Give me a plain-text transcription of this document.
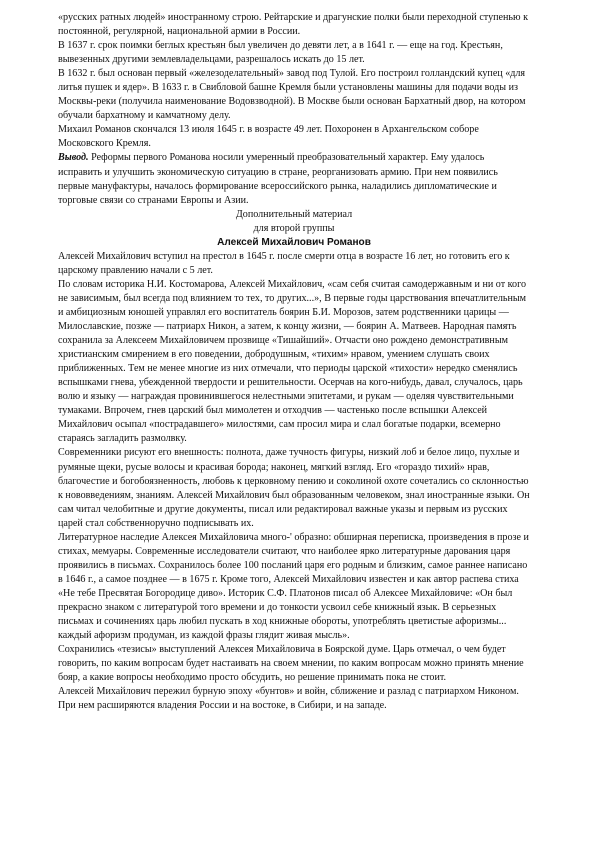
«русских ратных людей» иностранному строю. Рейтарские и драгунские полки были переходной ступенью к постоянной, регулярной, национальной армии в России.

В 1637 г. срок поимки беглых крестьян был увеличен до девяти лет, а в 1641 г. — еще на год. Крестьян, вывезенных другими землевладельцами, разрешалось искать до 15 лет.

В 1632 г. был основан первый «железоделательный» завод под Тулой. Его построил голландский купец «для литья пушек и ядер». В 1633 г. в Свибловой башне Кремля были установлены машины для подачи воды из Москвы-реки (получила наименование Водовзводной). В Москве были основан Бархатный двор, на котором обучали бархатному и камчатному делу.

Михаил Романов скончался 13 июля 1645 г. в возрасте 49 лет. Похоронен в Архангельском соборе Московского Кремля.

Вывод. Реформы первого Романова носили умеренный преобразовательный характер. Ему удалось исправить и улучшить экономическую ситуацию в стране, реорганизовать армию. При нем появились первые мануфактуры, началось формирование всероссийского рынка, наладились дипломатические и торговые связи со странами Европы и Азии.

Дополнительный материал

для второй группы

Алексей Михайлович Романов

Алексей Михайлович вступил на престол в 1645 г. после смерти отца в возрасте 16 лет, но готовить его к царскому правлению начали с 5 лет.

По словам историка Н.И. Костомарова, Алексей Михайлович, «сам себя считая самодержавным и ни от кого не зависимым, был всегда под влиянием то тех, то других...», В первые годы царствования впечатлительным и амбициозным юношей управлял его воспитатель боярин Б.И. Морозов, затем родственники царицы — Милославские, позже — патриарх Никон, а затем, к концу жизни, — боярин А. Матвеев. Народная память сохранила за Алексеем Михайловичем прозвище «Тишайший». Отчасти оно рождено демонстративным христианским смирением в его поведении, добродушным, «тихим» нравом, умением слушать своих приближенных. Тем не менее многие из них отмечали, что периоды царской «тихости» нередко сменялись вспышками гнева, убежденной твердости и решительности. Осерчав на кого-нибудь, давал, случалось, царь волю и языку — награждая провинившегося нелестными эпитетами, и рукам — оделяя чувствительными тумаками. Впрочем, гнев царский был мимолетен и отходчив — частенько после вспышки Алексей Михайлович осыпал «пострадавшего» милостями, сам просил мира и слал богатые подарки, всемерно стараясь загладить размолвку.

Современники рисуют его внешность: полнота, даже тучность фигуры, низкий лоб и белое лицо, пухлые и румяные щеки, русые волосы и красивая борода; наконец, мягкий взгляд. Его «гораздо тихий» нрав, благочестие и богобоязненность, любовь к церковному пению и соколиной охоте сочетались со склонностью к нововведениям, знаниям. Алексей Михайлович был образованным человеком, знал иностранные языки. Он сам читал челобитные и другие документы, писал или редактировал важные указы и первым из русских царей стал собственноручно подписывать их.

Литературное наследие Алексея Михайловича много-' образно: обширная переписка, произведения в прозе и стихах, мемуары. Современные исследователи считают, что наиболее ярко литературные дарования царя проявились в письмах. Сохранилось более 100 посланий царя его родным и близким, самое раннее написано в 1646 г., а самое позднее — в 1675 г. Кроме того, Алексей Михайлович известен и как автор распева стиха «Не тебе Пресвятая Богородице диво». Историк С.Ф. Платонов писал об Алексее Михайловиче: «Он был прекрасно знаком с литературой того времени и до тонкости усвоил себе книжный язык. В серьезных письмах и сочинениях царь любил пускать в ход книжные обороты, употреблять цветистые афоризмы... каждый афоризм продуман, из каждой фразы глядит живая мысль».

Сохранились «тезисы» выступлений Алексея Михайловича в Боярской думе. Царь отмечал, о чем будет говорить, по каким вопросам будет настаивать на своем мнении, по каким вопросам можно принять мнение бояр, а какие вопросы необходимо просто обсудить, но решение принимать пока не стоит.

Алексей Михайлович пережил бурную эпоху «бунтов» и войн, сближение и разлад с патриархом Никоном. При нем расширяются владения России и на востоке, в Сибири, и на западе.
